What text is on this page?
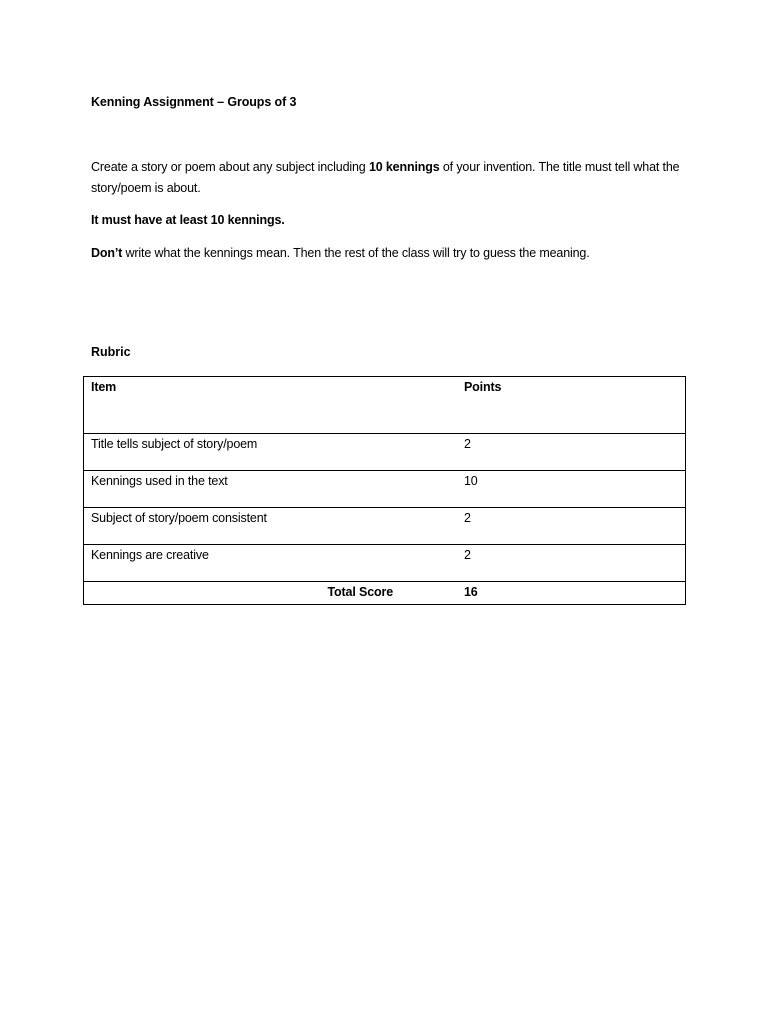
Kenning Assignment – Groups of 3
Create a story or poem about any subject including 10 kennings of your invention. The title must tell what the story/poem is about.
It must have at least 10 kennings.
Don’t write what the kennings mean. Then the rest of the class will try to guess the meaning.
Rubric
Item	Points
Title tells subject of story/poem	2
Kennings used in the text	10
Subject of story/poem consistent	2
Kennings are creative	2
Total Score	16
